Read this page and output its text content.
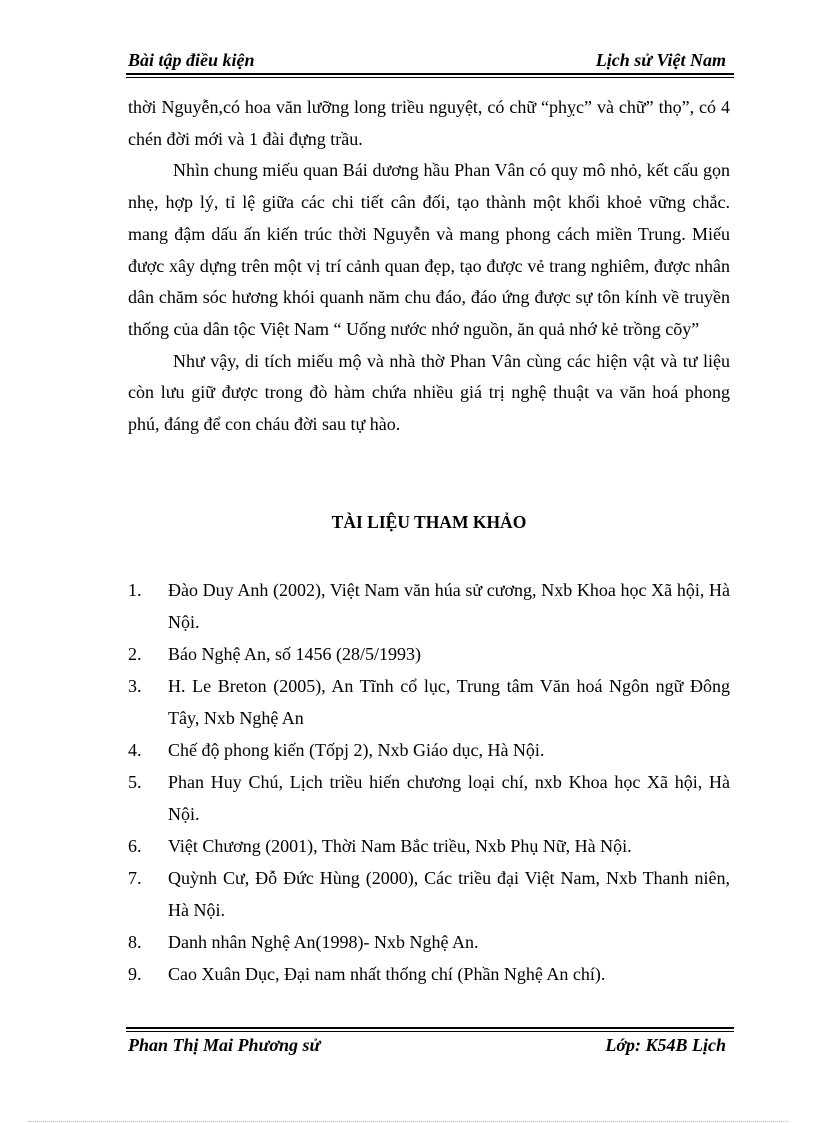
Bài tập điều kiện	Lịch sử Việt Nam

thời Nguyễn,có hoa văn lưỡng long triều nguyệt, có chữ “phỵc” và chữ” thọ”, có 4 chén đời mới và 1 đài đựng trầu.

Nhìn chung miếu quan Bái dương hầu Phan Vân có quy mô nhỏ, kết cấu gọn nhẹ, hợp lý, tỉ lệ giữa các chi tiết cân đối, tạo thành một khối khoẻ vững chắc. mang đậm dấu ấn kiến trúc thời Nguyễn và mang phong cách miền Trung. Miếu được xây dựng trên một vị trí cảnh quan đẹp, tạo được vẻ trang nghiêm, được nhân dân chăm sóc hương khói quanh năm chu đáo, đáo ứng được sự tôn kính về truyền thống của dân tộc Việt Nam “ Uống nước nhớ nguồn, ăn quả nhớ kẻ trồng cõy”

Như vậy, di tích miếu mộ và nhà thờ Phan Vân cùng các hiện vật và tư liệu còn lưu giữ được trong đò hàm chứa nhiều giá trị nghệ thuật va văn hoá phong phú, đáng để con cháu đời sau tự hào.

TÀI LIỆU THAM KHẢO
1. Đào Duy Anh (2002), Việt Nam văn húa sử cương, Nxb Khoa học Xã hội, Hà Nội.
2. Báo Nghệ An, số 1456 (28/5/1993)
3. H. Le Breton (2005), An Tĩnh cổ lục, Trung tâm Văn hoá Ngôn ngữ Đông Tây, Nxb Nghệ An
4. Chế độ phong kiến (Tốpj 2), Nxb Giáo dục, Hà Nội.
5. Phan Huy Chú, Lịch triều hiến chương loại chí, nxb Khoa học Xã hội, Hà Nội.
6. Việt Chương (2001), Thời Nam Bắc triều, Nxb Phụ Nữ, Hà Nội.
7. Quỳnh Cư, Đỗ Đức Hùng (2000), Các triều đại Việt Nam, Nxb Thanh niên, Hà Nội.
8. Danh nhân Nghệ An(1998)- Nxb Nghệ An.
9. Cao Xuân Dục, Đại nam nhất thống chí (Phần Nghệ An chí).
Phan Thị Mai Phương sử	Lớp: K54B Lịch
